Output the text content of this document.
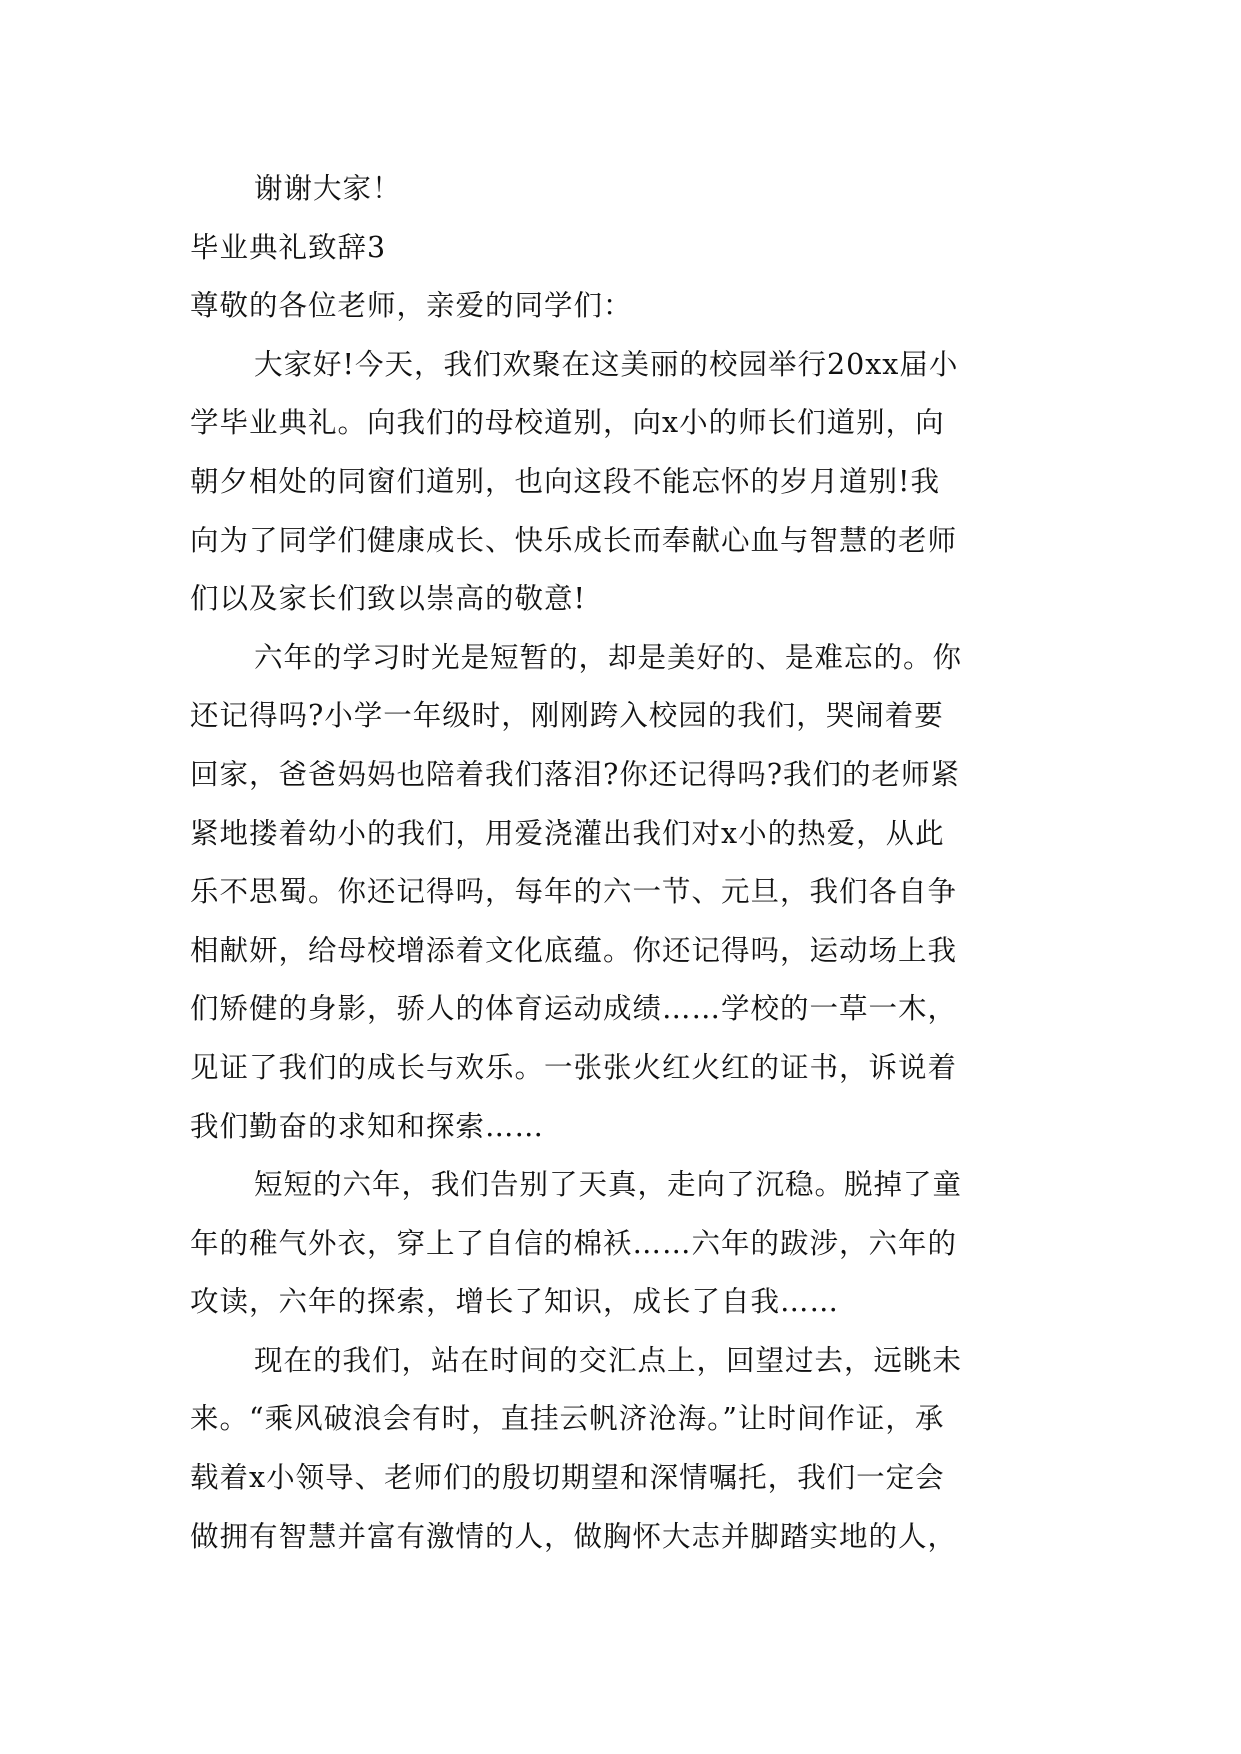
谢谢大家！
毕业典礼致辞3
尊敬的各位老师，亲爱的同学们：
大家好!今天，我们欢聚在这美丽的校园举行20xx届小
学毕业典礼。向我们的母校道别，向x小的师长们道别，向
朝夕相处的同窗们道别，也向这段不能忘怀的岁月道别!我
向为了同学们健康成长、快乐成长而奉献心血与智慧的老师
们以及家长们致以崇高的敬意!
六年的学习时光是短暂的，却是美好的、是难忘的。你
还记得吗?小学一年级时，刚刚跨入校园的我们，哭闹着要
回家，爸爸妈妈也陪着我们落泪?你还记得吗?我们的老师紧
紧地搂着幼小的我们，用爱浇灌出我们对x小的热爱，从此
乐不思蜀。你还记得吗，每年的六一节、元旦，我们各自争
相献妍，给母校增添着文化底蕴。你还记得吗，运动场上我
们矫健的身影，骄人的体育运动成绩……学校的一草一木，
见证了我们的成长与欢乐。一张张火红火红的证书，诉说着
我们勤奋的求知和探索……
短短的六年，我们告别了天真，走向了沉稳。脱掉了童
年的稚气外衣，穿上了自信的棉袄……六年的跋涉，六年的
攻读，六年的探索，增长了知识，成长了自我……
现在的我们，站在时间的交汇点上，回望过去，远眺未
来。“乘风破浪会有时，直挂云帆济沧海。”让时间作证，承
载着x小领导、老师们的殷切期望和深情嘱托，我们一定会
做拥有智慧并富有激情的人，做胸怀大志并脚踏实地的人，
